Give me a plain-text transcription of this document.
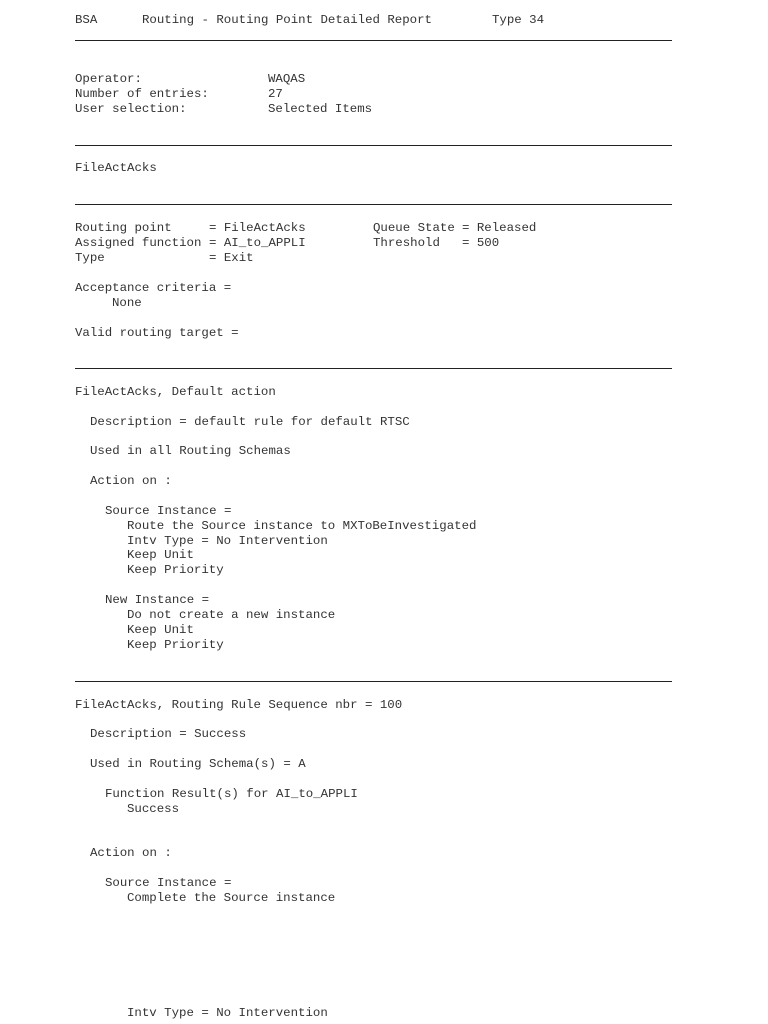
BSA	Routing - Routing Point Detailed Report	Type 34
Operator:	WAQAS
Number of entries:	27
User selection:	Selected Items
FileActAcks
Routing point	= FileActAcks	Queue State = Released
Assigned function = AI_to_APPLI	Threshold = 500
Type	= Exit
Acceptance criteria =
None
Valid routing target =
FileActAcks, Default action
Description = default rule for default RTSC
Used in all Routing Schemas
Action on :
Source Instance =
Route the Source instance to MXToBeInvestigated
Intv Type = No Intervention
Keep Unit
Keep Priority
New Instance =
Do not create a new instance
Keep Unit
Keep Priority
FileActAcks, Routing Rule Sequence nbr = 100
Description = Success
Used in Routing Schema(s) = A
Function Result(s) for AI_to_APPLI
Success
Action on :
Source Instance =
Complete the Source instance
Intv Type = No Intervention
